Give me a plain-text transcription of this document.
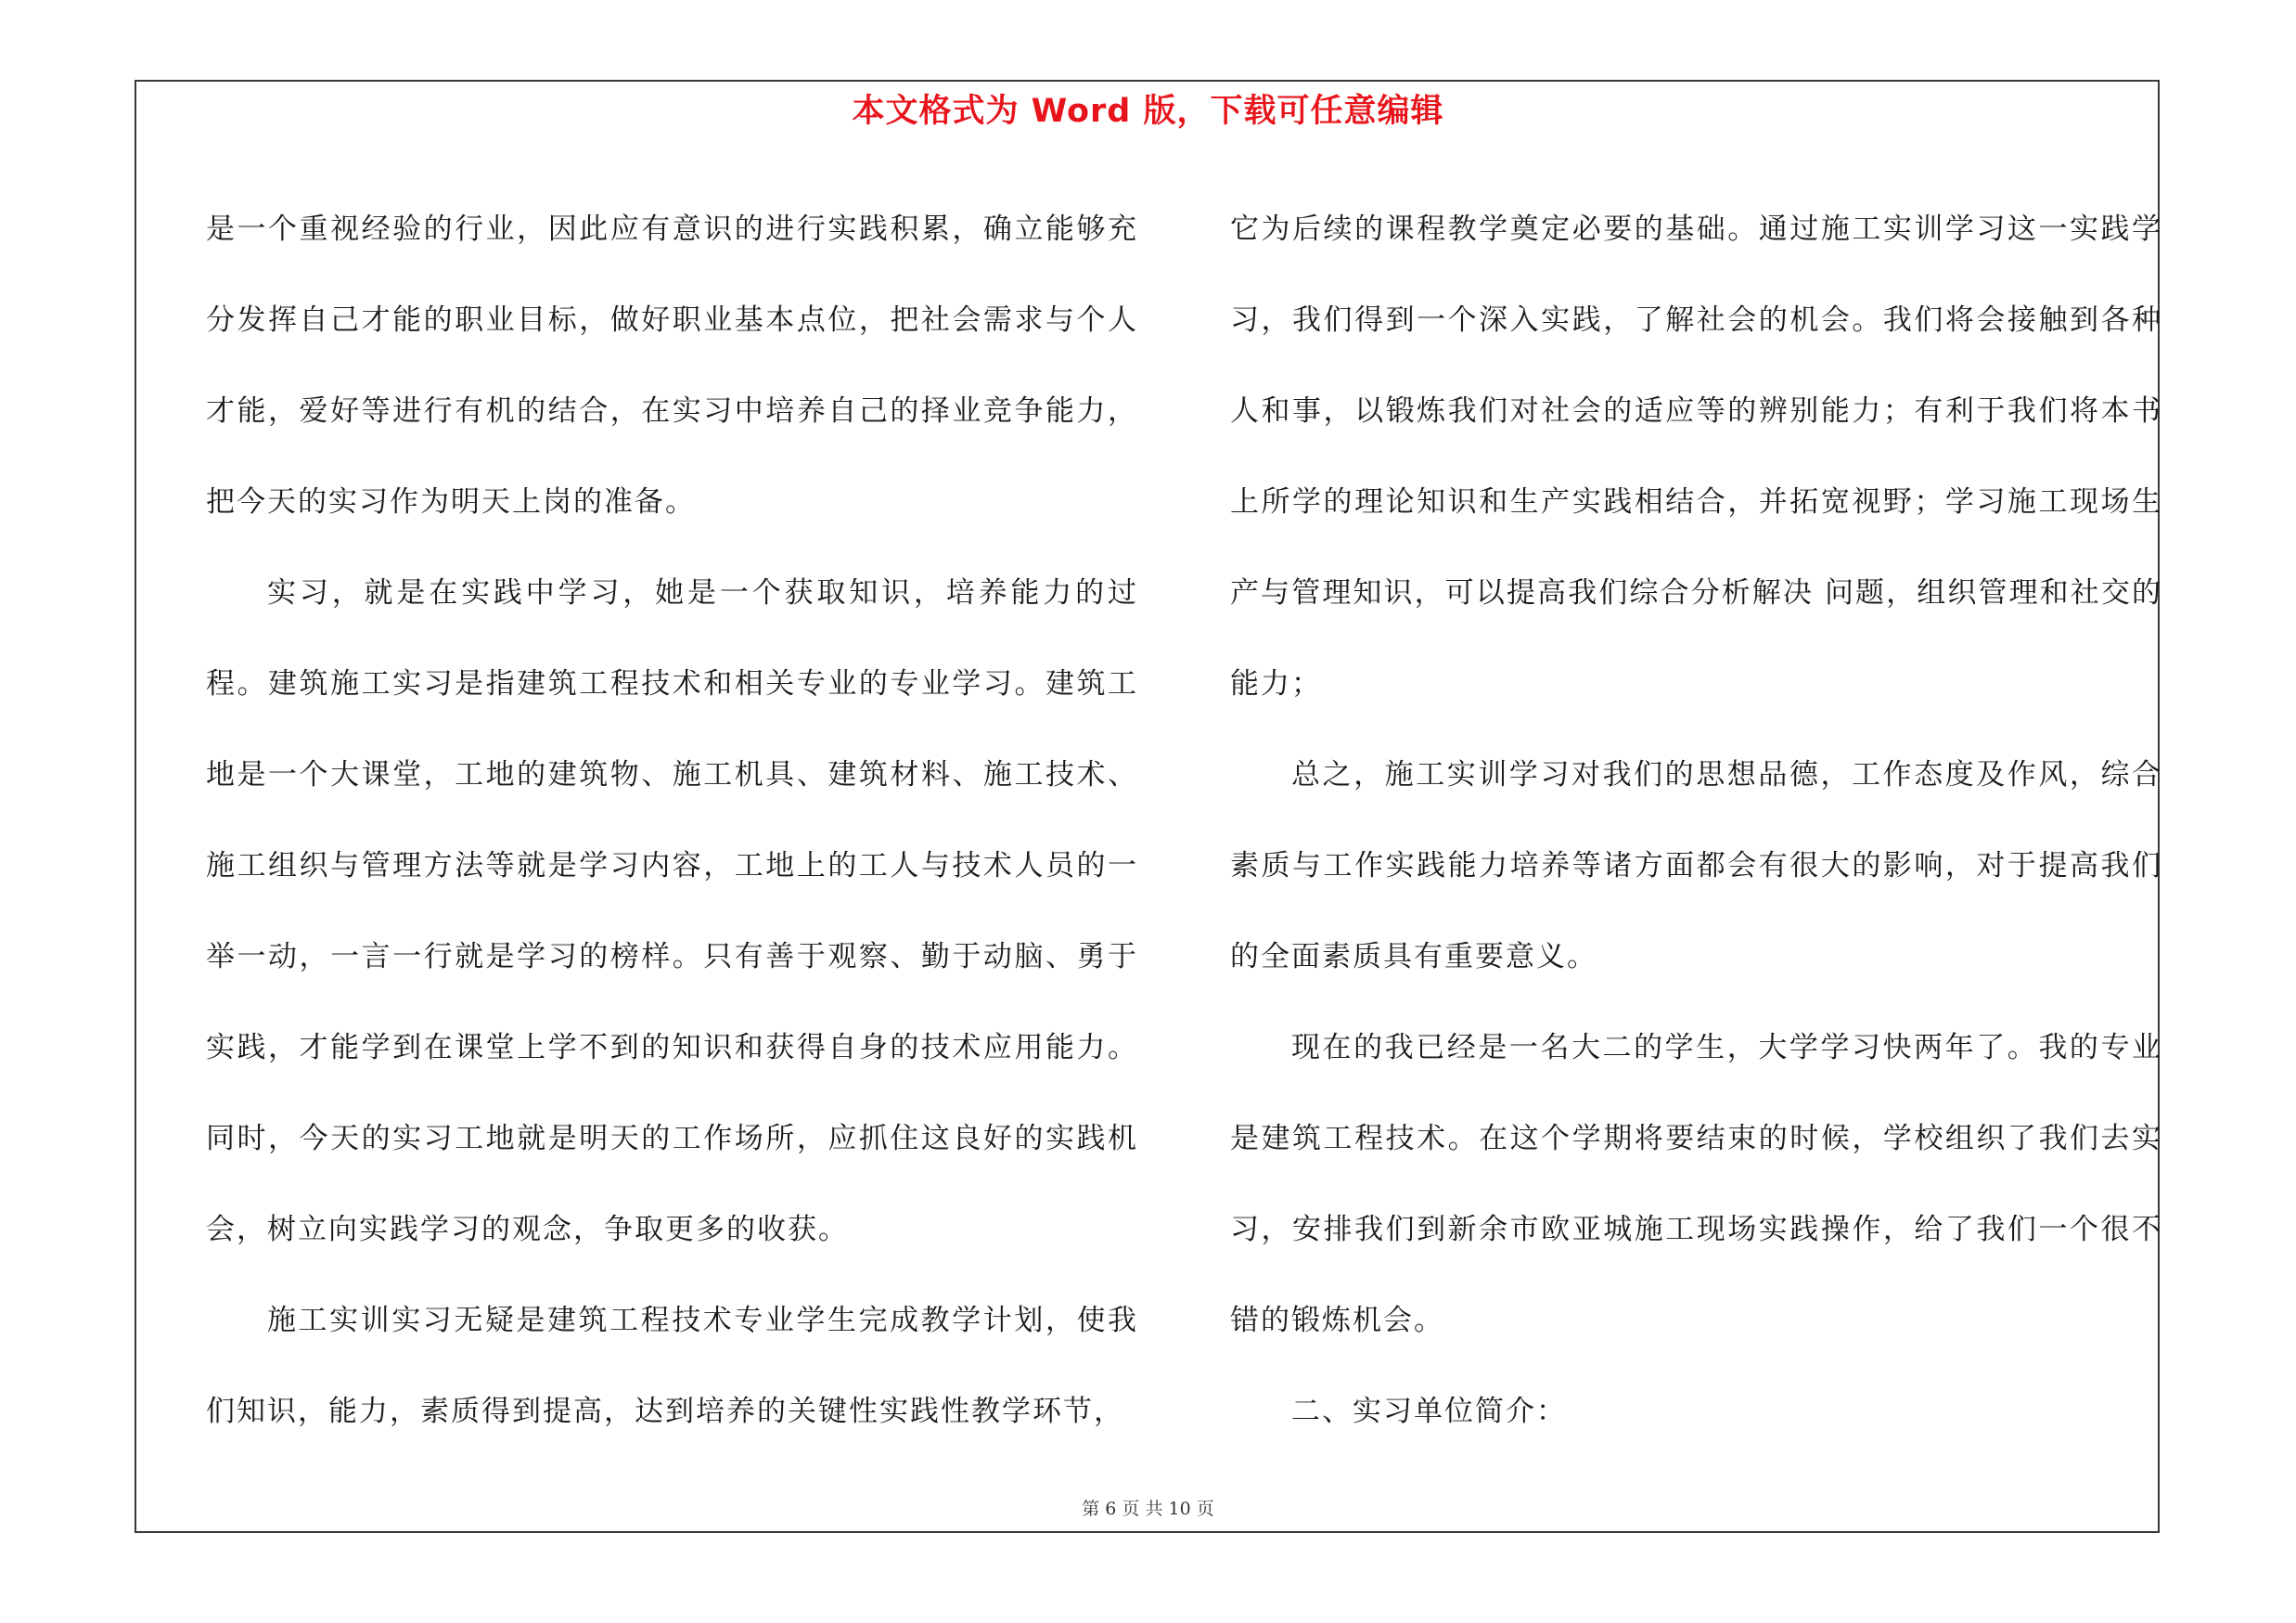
本文格式为 Word 版，下载可任意编辑

是一个重视经验的行业，因此应有意识的进行实践积累，确立能够充分发挥自己才能的职业目标，做好职业基本点位，把社会需求与个人才能，爱好等进行有机的结合，在实习中培养自己的择业竞争能力，把今天的实习作为明天上岗的准备。

实习，就是在实践中学习，她是一个获取知识，培养能力的过程。建筑施工实习是指建筑工程技术和相关专业的专业学习。建筑工地是一个大课堂，工地的建筑物、施工机具、建筑材料、施工技术、施工组织与管理方法等就是学习内容，工地上的工人与技术人员的一举一动，一言一行就是学习的榜样。只有善于观察、勤于动脑、勇于实践，才能学到在课堂上学不到的知识和获得自身的技术应用能力。同时，今天的实习工地就是明天的工作场所，应抓住这良好的实践机会，树立向实践学习的观念，争取更多的收获。

施工实训实习无疑是建筑工程技术专业学生完成教学计划，使我们知识，能力，素质得到提高，达到培养的关键性实践性教学环节，

它为后续的课程教学奠定必要的基础。通过施工实训学习这一实践学习，我们得到一个深入实践，了解社会的机会。我们将会接触到各种人和事，以锻炼我们对社会的适应等的辨别能力；有利于我们将本书上所学的理论知识和生产实践相结合，并拓宽视野；学习施工现场生产与管理知识，可以提高我们综合分析解决 问题，组织管理和社交的能力；

总之，施工实训学习对我们的思想品德，工作态度及作风，综合素质与工作实践能力培养等诸方面都会有很大的影响，对于提高我们的全面素质具有重要意义。

现在的我已经是一名大二的学生，大学学习快两年了。我的专业是建筑工程技术。在这个学期将要结束的时候，学校组织了我们去实习，安排我们到新余市欧亚城施工现场实践操作，给了我们一个很不错的锻炼机会。

二、实习单位简介：

第 6 页 共 10 页
